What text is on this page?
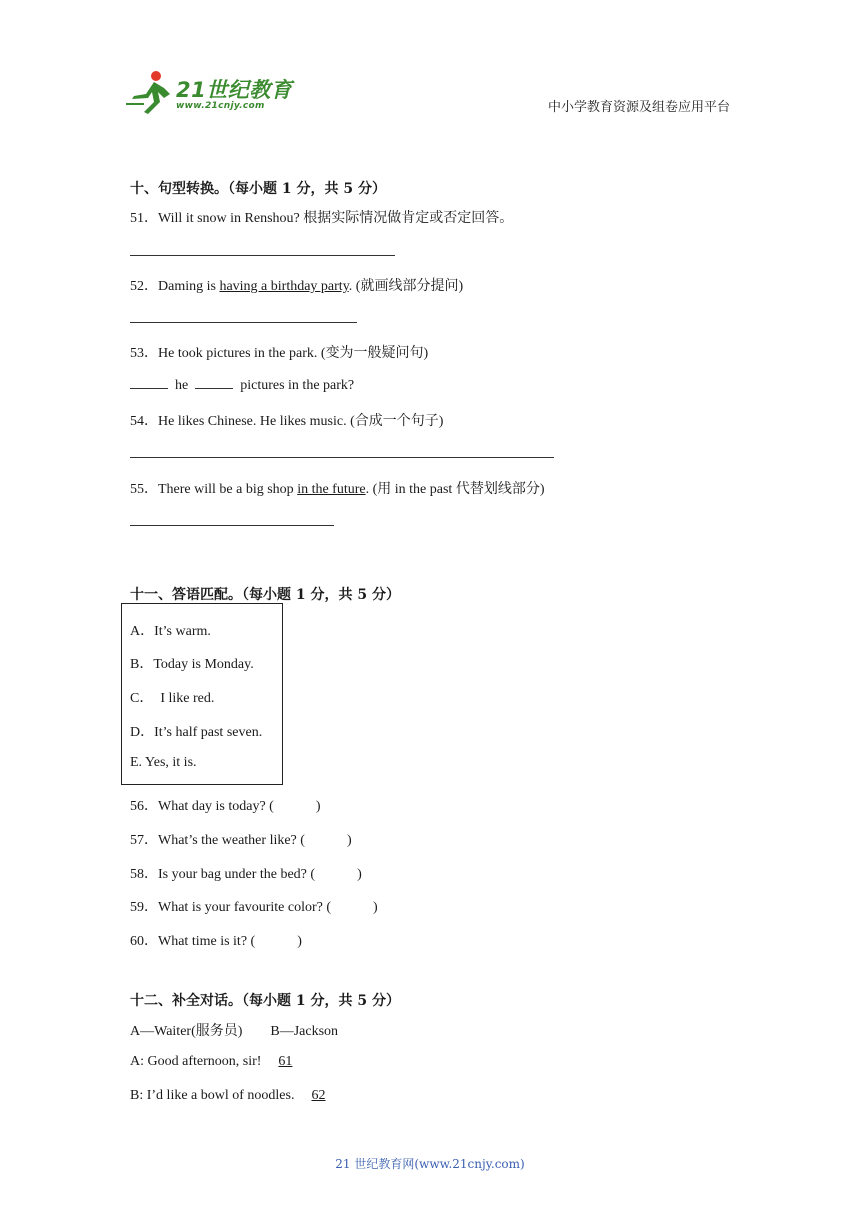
21世纪教育
www.21cnjy.com	中小学教育资源及组卷应用平台
十、句型转换。（每小题 1 分，共 5 分）
51．Will it snow in Renshou? 根据实际情况做肯定或否定回答。
52．Daming is having a birthday party. (就画线部分提问)
53．He took pictures in the park. (变为一般疑问句)
he	pictures in the park?
54．He likes Chinese. He likes music. (合成一个句子)
55．There will be a big shop in the future. (用 in the past 代替划线部分)
十一、答语匹配。（每小题 1 分，共 5 分）
A．It’s warm.
B．Today is Monday.
C．  I like red.
D．It’s half past seven.
E. Yes, it is.
56．What day is today? (	)
57．What’s the weather like? (	)
58．Is your bag under the bed? (	)
59．What is your favourite color? (	)
60．What time is it? (	)
十二、补全对话。（每小题 1 分，共 5 分）
A—Waiter(服务员)        B—Jackson
A: Good afternoon, sir! 61
B: I’d like a bowl of noodles. 62
21 世纪教育网(www.21cnjy.com)
